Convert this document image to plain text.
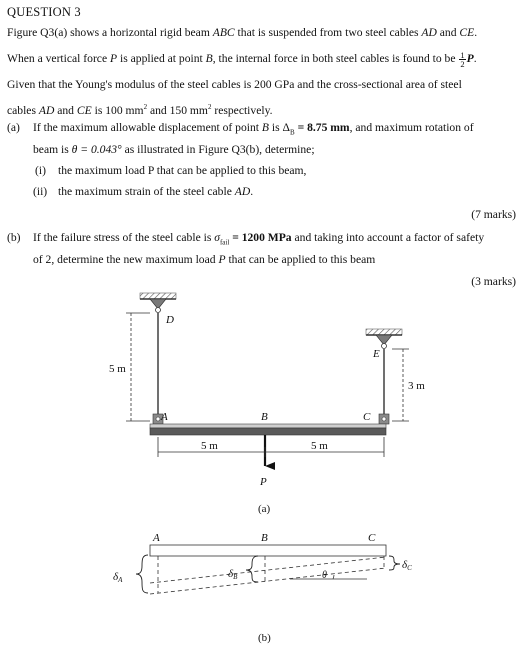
QUESTION 3
Figure Q3(a) shows a horizontal rigid beam ABC that is suspended from two steel cables AD and CE.
When a vertical force P is applied at point B, the internal force in both steel cables is found to be $\frac{1}{2} P$.
Given that the Young's modulus of the steel cables is 200 GPa and the cross-sectional area of steel
cables AD and CE is 100 $mm^2$ and 150 $mm^2$ respectively.
(a) If the maximum allowable displacement of point B is $\Delta_B = 8.75$ mm, and maximum rotation of
beam is θ = 0.043° as illustrated in Figure Q3(b), determine;
(i) the maximum load P that can be applied to this beam,
(ii) the maximum strain of the steel cable AD.
(7 marks)
(b) If the failure stress of the steel cable is $\sigma_{fail} = 1200$ MPa and taking into account a factor of safety
of 2, determine the new maximum load P that can be applied to this beam
(3 marks)
D
E
A	B	C
P
5 m
3 m
5 m	5 m
(a)
A	B	C
δA	δB
δC
θ
(b)
